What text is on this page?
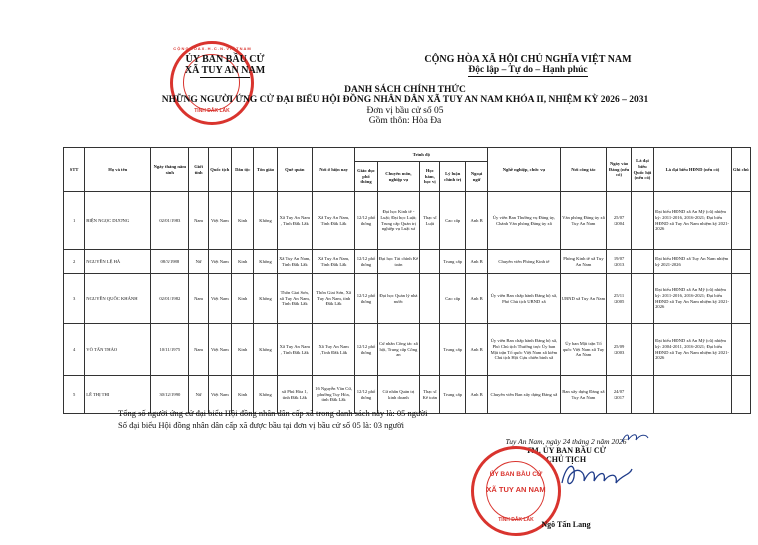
C Ộ N G H Ò A X . H . C . N . V I Ệ T N A M
TỈNH ĐẮK LẮK
ỦY BAN BẦU CỬ
XÃ TUY AN NAM
CỘNG HÒA XÃ HỘI CHỦ NGHĨA VIỆT NAM
Độc lập – Tự do – Hạnh phúc
DANH SÁCH CHÍNH THỨC
NHỮNG NGƯỜI ỨNG CỬ ĐẠI BIỂU HỘI ĐỒNG NHÂN DÂN XÃ TUY AN NAM KHÓA II, NHIỆM KỲ 2026 – 2031
Đơn vị bầu cử số 05
Gồm thôn: Hòa Đa
STT	Họ và tên	Ngày tháng năm sinh	Giới tính	Quốc tịch	Dân tộc	Tôn giáo	Quê quán	Nơi ở hiện nay	Trình độ					Nghề nghiệp, chức vụ	Nơi công tác	Ngày vào Đảng (nếu có)	Là đại biểu Quốc hội (nếu có)	Là đại biểu HĐND (nếu có)	Ghi chú
									Giáo dục phổ thông	Chuyên môn, nghiệp vụ	Học hàm, học vị	Lý luận chính trị	Ngoại ngữ						
1	BIỆN NGỌC DƯƠNG	02/01/1983	Nam	Việt Nam	Kinh	Không	Xã Tuy An Nam , Tỉnh Đắk Lắk	Xã Tuy An Nam, Tỉnh Đắk Lắk	12/12 phổ thông	Đại học Kinh tế - Luật; Đại học Luật; Trung cấp Quản trị nghiệp vụ Luật sư	Thạc sĩ Luật	Cao cấp	Anh B	Ủy viên Ban Thường vụ Đảng ủy, Chánh Văn phòng Đảng ủy xã	Văn phòng Đảng ủy xã Tuy An Nam	25/07 /2004		Đại biểu HĐND xã An Mỹ (cũ) nhiệm kỳ: 2011-2016, 2016-2021; Đại biểu HĐND xã Tuy An Nam nhiệm kỳ 2021-2026	
2	NGUYỄN LỆ HÀ	08/3/1988	Nữ	Việt Nam	Kinh	Không	Xã Tuy An Nam, Tỉnh Đắk Lắk	Xã Tuy An Nam, Tỉnh Đắk Lắk	12/12 phổ thông	Đại học Tài chính Kế toán		Trung cấp	Anh B	Chuyên viên Phòng Kinh tế	Phòng Kinh tế xã Tuy An Nam	19/07 /2013		Đại biểu HĐND xã Tuy An Nam nhiệm kỳ 2021-2026	
3	NGUYỄN QUỐC KHÁNH	02/01/1982	Nam	Việt Nam	Kinh	Không	Thôn Giai Sơn, xã Tuy An Nam, Tỉnh Đắk Lắk	Thôn Giai Sơn, Xã Tuy An Nam, tỉnh Đắk Lắk	12/12 phổ thông	Đại học Quản lý nhà nước		Cao cấp	Anh B	Ủy viên Ban chấp hành Đảng bộ xã, Phó Chủ tịch UBND xã	UBND xã Tuy An Nam	25/11 /2005		Đại biểu HĐND xã An Mỹ (cũ) nhiệm kỳ: 2011-2016, 2016-2021; Đại biểu HĐND xã Tuy An Nam nhiệm kỳ 2021-2026	
4	VÕ TẤN THẢO	10/11/1975	Nam	Việt Nam	Kinh	Không	Xã Tuy An Nam , Tỉnh Đắk Lắk	Xã Tuy An Nam ,Tỉnh Đắk Lắk	12/12 phổ thông	Cử nhân Công tác xã hội, Trung cấp Công an		Trung cấp	Anh B	Ủy viên Ban chấp hành Đảng bộ xã, Phó Chủ tịch Thường trực Ủy ban Mặt trận Tổ quốc Việt Nam xã kiêm Chủ tịch Hội Cựu chiến binh xã	Ủy ban Mặt trận Tổ quốc Việt Nam xã Tuy An Nam	25/09 /2003		Đại biểu HĐND xã An Mỹ (cũ) nhiệm kỳ: 2004-2011, 2016-2021; Đại biểu HĐND xã Tuy An Nam nhiệm kỳ 2021-2026	
5	LÊ THỊ THI	30/12/1990	Nữ	Việt Nam	Kinh	Không	xã Phú Hòa 1, tỉnh Đắk Lắk	16 Nguyễn Văn Cừ, phường Tuy Hòa, tỉnh Đắk Lắk	12/12 phổ thông	Cử nhân Quản trị kinh doanh	Thạc sĩ Kế toán	Trung cấp	Anh B	Chuyên viên Ban xây dựng Đảng xã	Ban xây dựng Đảng xã Tuy An Nam	24/07 /2017			
Tổng số người ứng cử đại biểu Hội đồng nhân dân cấp xã trong danh sách này là: 05 người
Số đại biểu Hội đồng nhân dân cấp xã được bầu tại đơn vị bầu cử số 05 là: 03 người
Tuy An Nam, ngày 24 tháng 2 năm 2026
TM. ỦY BAN BẦU CỬ
CHỦ TỊCH
ỦY BAN BẦU CỬ
XÃ TUY AN NAM
TỈNH ĐẮK LẮK Ngô Tấn Lang
